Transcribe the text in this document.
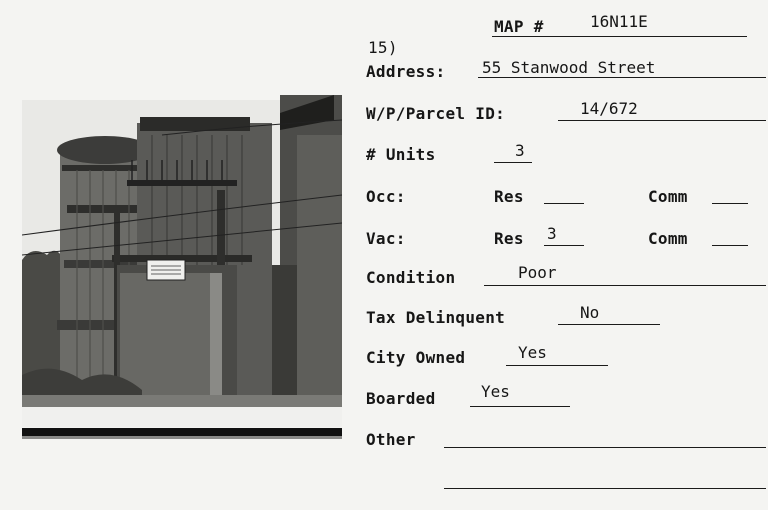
MAP #	16N11E
15)
Address: 55 Stanwood Street
W/P/Parcel ID:	14/672
# Units	3
Occ:	Res	Comm
Vac:	Res 3	Comm
Condition	Poor
Tax Delinquent	No
City Owned	Yes
Boarded	Yes
Other
